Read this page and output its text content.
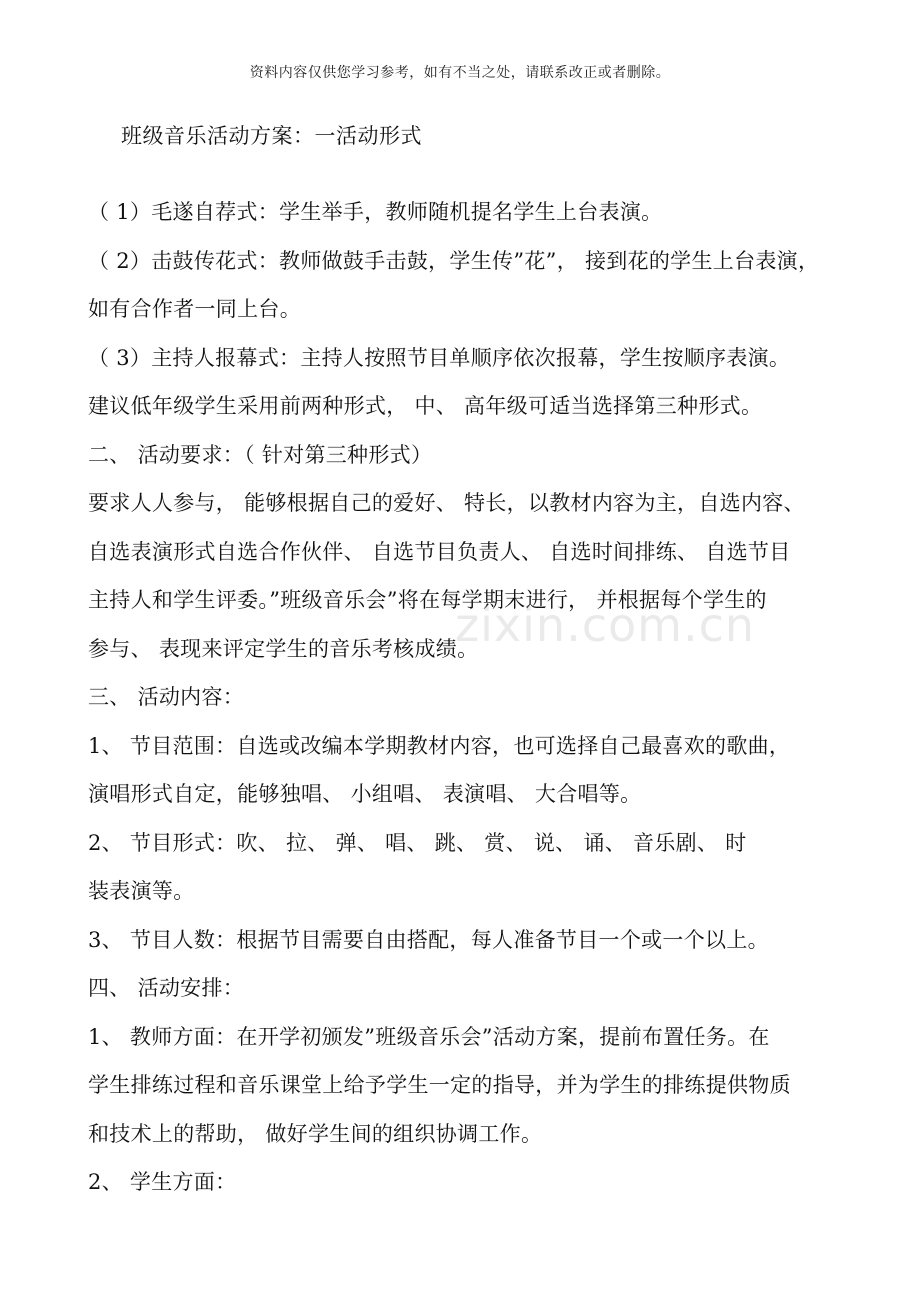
资料内容仅供您学习参考，如有不当之处，请联系改正或者删除。
班级音乐活动方案：一活动形式
（ 1）毛遂自荐式：学生举手，教师随机提名学生上台表演。
（ 2）击鼓传花式：教师做鼓手击鼓，学生传”花”， 接到花的学生上台表演，
如有合作者一同上台。
（ 3）主持人报幕式：主持人按照节目单顺序依次报幕，学生按顺序表演。
建议低年级学生采用前两种形式， 中、 高年级可适当选择第三种形式。
二、 活动要求：（ 针对第三种形式）
要求人人参与， 能够根据自己的爱好、 特长，以教材内容为主，自选内容、
自选表演形式自选合作伙伴、 自选节目负责人、 自选时间排练、 自选节目
主持人和学生评委。”班级音乐会”将在每学期末进行， 并根据每个学生的
参与、 表现来评定学生的音乐考核成绩。
三、 活动内容：
1、 节目范围：自选或改编本学期教材内容，也可选择自己最喜欢的歌曲，
演唱形式自定，能够独唱、 小组唱、 表演唱、 大合唱等。
2、 节目形式：吹、 拉、 弹、 唱、 跳、 赏、 说、 诵、 音乐剧、 时
装表演等。
3、 节目人数：根据节目需要自由搭配，每人准备节目一个或一个以上。
四、 活动安排：
1、 教师方面：在开学初颁发”班级音乐会”活动方案，提前布置任务。在
学生排练过程和音乐课堂上给予学生一定的指导，并为学生的排练提供物质
和技术上的帮助， 做好学生间的组织协调工作。
2、 学生方面：
zixin.com.cn
